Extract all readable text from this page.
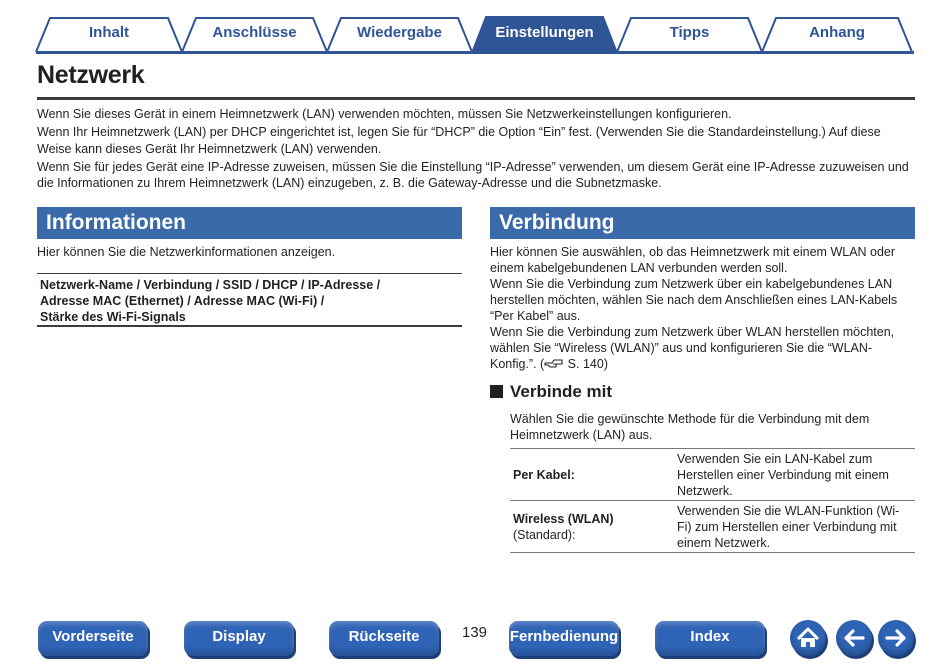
Inhalt	Anschlüsse	Wiedergabe	Einstellungen	Tipps	Anhang
Netzwerk

Wenn Sie dieses Gerät in einem Heimnetzwerk (LAN) verwenden möchten, müssen Sie Netzwerkeinstellungen konfigurieren.

Wenn Ihr Heimnetzwerk (LAN) per DHCP eingerichtet ist, legen Sie für “DHCP” die Option “Ein” fest. (Verwenden Sie die Standardeinstellung.) Auf diese Weise kann dieses Gerät Ihr Heimnetzwerk (LAN) verwenden.

Wenn Sie für jedes Gerät eine IP-Adresse zuweisen, müssen Sie die Einstellung “IP-Adresse” verwenden, um diesem Gerät eine IP-Adresse zuzuweisen und die Informationen zu Ihrem Heimnetzwerk (LAN) einzugeben, z. B. die Gateway-Adresse und die Subnetzmaske.

Informationen
Hier können Sie die Netzwerkinformationen anzeigen.
Netzwerk-Name / Verbindung / SSID / DHCP / IP-Adresse /
Adresse MAC (Ethernet) / Adresse MAC (Wi-Fi) /
Stärke des Wi-Fi-Signals
Verbindung

Hier können Sie auswählen, ob das Heimnetzwerk mit einem WLAN oder einem kabelgebundenen LAN verbunden werden soll.

Wenn Sie die Verbindung zum Netzwerk über ein kabelgebundenes LAN herstellen möchten, wählen Sie nach dem Anschließen eines LAN-Kabels “Per Kabel” aus.

Wenn Sie die Verbindung zum Netzwerk über WLAN herstellen möchten, wählen Sie “Wireless (WLAN)” aus und konfigurieren Sie die “WLAN-Konfig.”. ( S. 140)

Verbinde mit
Wählen Sie die gewünschte Methode für die Verbindung mit dem Heimnetzwerk (LAN) aus.
Per Kabel:	Verwenden Sie ein LAN-Kabel zum Herstellen einer Verbindung mit einem Netzwerk.
Wireless (WLAN)
(Standard):	Verwenden Sie die WLAN-Funktion (Wi-Fi) zum Herstellen einer Verbindung mit einem Netzwerk.
Vorderseite	Display	Rückseite	139 Fernbedienung	Index
